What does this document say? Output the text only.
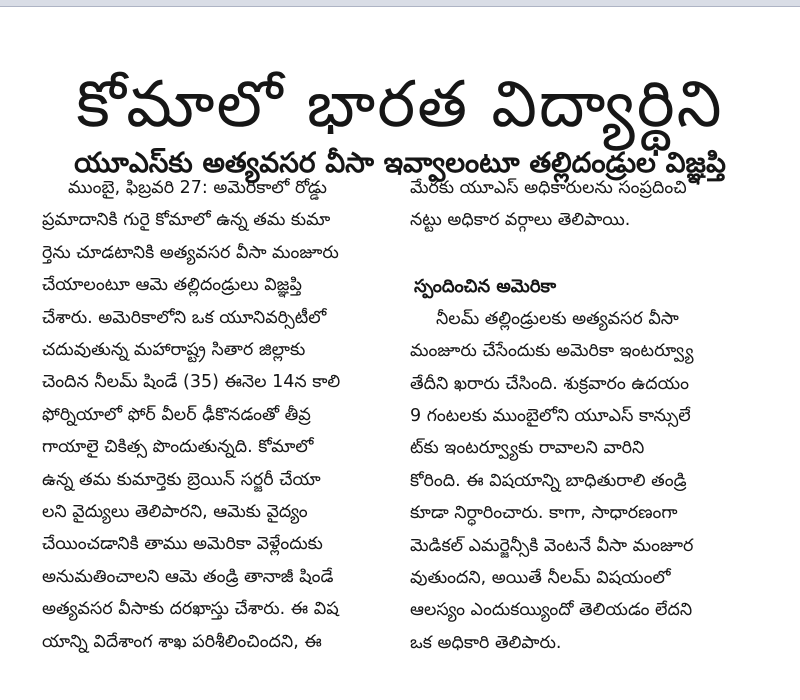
కోమాలో భారత విద్యార్థిని
యూఎస్‌కు అత్యవసర వీసా ఇవ్వాలంటూ తల్లిదండ్రుల విజ్ఞప్తి

ముంబై, ఫిబ్రవరి 27: అమెరికాలో రోడ్డు
ప్రమాదానికి గురై కోమాలో ఉన్న తమ కుమా
ర్తెను చూడటానికి అత్యవసర వీసా మంజూరు
చేయాలంటూ ఆమె తల్లిదండ్రులు విజ్ఞప్తి
చేశారు. అమెరికాలోని ఒక యూనివర్సిటీలో
చదువుతున్న మహారాష్ట్ర సితార జిల్లాకు
చెందిన నీలమ్ షిండే (35) ఈనెల 14న కాలి
ఫోర్నియాలో ఫోర్ వీలర్ ఢీకొనడంతో తీవ్ర
గాయాలై చికిత్స పొందుతున్నది. కోమాలో
ఉన్న తమ కుమార్తెకు బ్రెయిన్ సర్జరీ చేయా
లని వైద్యులు తెలిపారని, ఆమెకు వైద్యం
చేయించడానికి తాము అమెరికా వెళ్లేందుకు
అనుమతించాలని ఆమె తండ్రి తానాజీ షిండే
అత్యవసర వీసాకు దరఖాస్తు చేశారు. ఈ విష
యాన్ని విదేశాంగ శాఖ పరిశీలించిందని, ఈ

మేరకు యూఎస్ అధికారులను సంప్రదించి
నట్టు అధికార వర్గాలు తెలిపాయి.

స్పందించిన అమెరికా

నీలమ్ తల్లిండ్రులకు అత్యవసర వీసా
మంజూరు చేసేందుకు అమెరికా ఇంటర్వ్యూ
తేదీని ఖరారు చేసింది. శుక్రవారం ఉదయం
9 గంటలకు ముంబైలోని యూఎస్ కాన్సులే
ట్‌కు ఇంటర్వ్యూకు రావాలని వారిని
కోరింది. ఈ విషయాన్ని బాధితురాలి తండ్రి
కూడా నిర్ధారించారు. కాగా, సాధారణంగా
మెడికల్ ఎమర్జెన్సీకి వెంటనే వీసా మంజూర
వుతుందని, అయితే నీలమ్ విషయంలో
ఆలస్యం ఎందుకయ్యిందో తెలియడం లేదని
ఒక అధికారి తెలిపారు.
